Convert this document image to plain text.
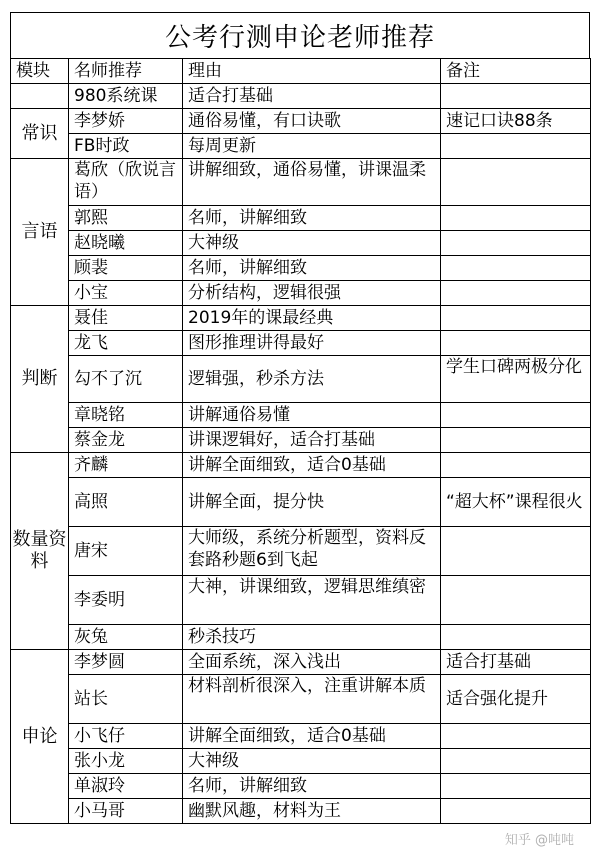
公考行测申论老师推荐
模块	名师推荐	理由	备注
	980系统课	适合打基础	
常识	李梦娇	通俗易懂，有口诀歌	速记口诀88条
	FB时政	每周更新	
言语	葛欣（欣说言语）	讲解细致，通俗易懂，讲课温柔	
	郭熙	名师，讲解细致	
	赵晓曦	大神级	
	顾裴	名师，讲解细致	
	小宝	分析结构，逻辑很强	
判断	聂佳	2019年的课最经典	
	龙飞	图形推理讲得最好	
	勾不了沉	逻辑强，秒杀方法	学生口碑两极分化
	章晓铭	讲解通俗易懂	
	蔡金龙	讲课逻辑好，适合打基础	
数量资料	齐麟	讲解全面细致，适合0基础	
	高照	讲解全面，提分快	“超大杯”课程很火
	唐宋	大师级，系统分析题型，资料反套路秒题6到飞起	
	李委明	大神，讲课细致，逻辑思维缜密	
	灰兔	秒杀技巧	
申论	李梦圆	全面系统，深入浅出	适合打基础
	站长	材料剖析很深入，注重讲解本质	适合强化提升
	小飞仔	讲解全面细致，适合0基础	
	张小龙	大神级	
	单淑玲	名师，讲解细致	
	小马哥	幽默风趣，材料为王	
知乎 @吨吨
